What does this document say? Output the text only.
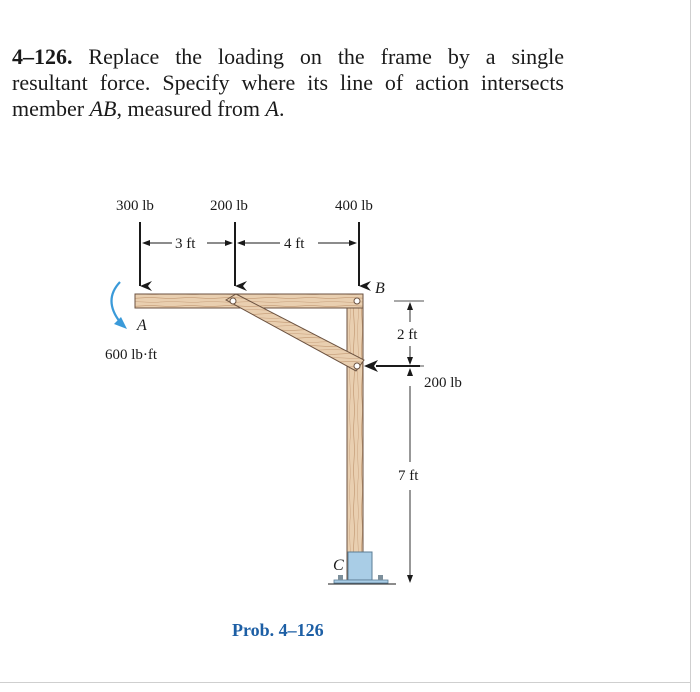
4–126. Replace the loading on the frame by a single
resultant force. Specify where its line of action intersects
member AB, measured from A.
300 lb	200 lb	400 lb
3 ft	4 ft
2 ft
7 ft
200 lb
600 lb·ft
A
B
C
Prob. 4–126
